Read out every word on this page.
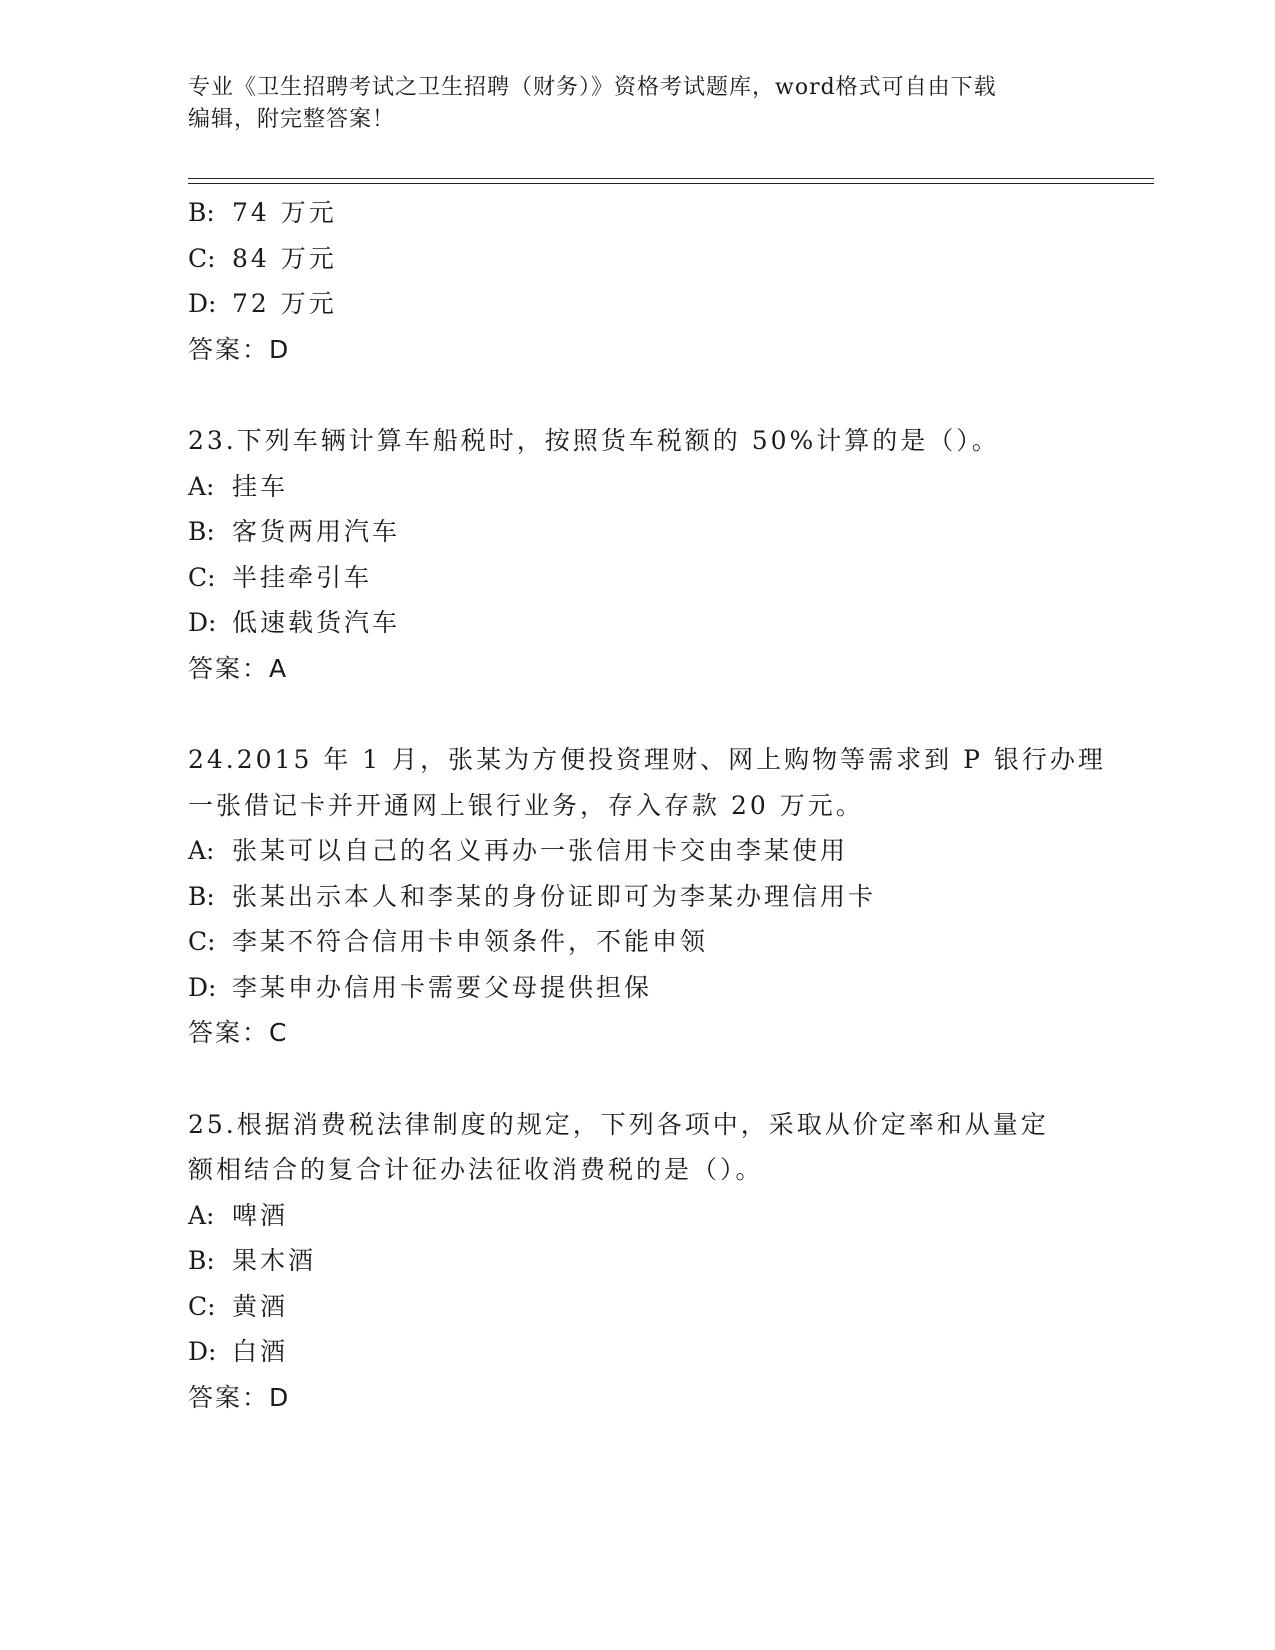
专业《卫生招聘考试之卫生招聘（财务）》资格考试题库，word格式可自由下载
编辑，附完整答案！
B: 74 万元
C: 84 万元
D: 72 万元
答案：D
23.下列车辆计算车船税时，按照货车税额的 50%计算的是（）。
A: 挂车
B: 客货两用汽车
C: 半挂牵引车
D: 低速载货汽车
答案：A
24.2015 年 1 月，张某为方便投资理财、网上购物等需求到 P 银行办理
一张借记卡并开通网上银行业务，存入存款 20 万元。
A: 张某可以自己的名义再办一张信用卡交由李某使用
B: 张某出示本人和李某的身份证即可为李某办理信用卡
C: 李某不符合信用卡申领条件，不能申领
D: 李某申办信用卡需要父母提供担保
答案：C
25.根据消费税法律制度的规定，下列各项中，采取从价定率和从量定
额相结合的复合计征办法征收消费税的是（）。
A: 啤酒
B: 果木酒
C: 黄酒
D: 白酒
答案：D
